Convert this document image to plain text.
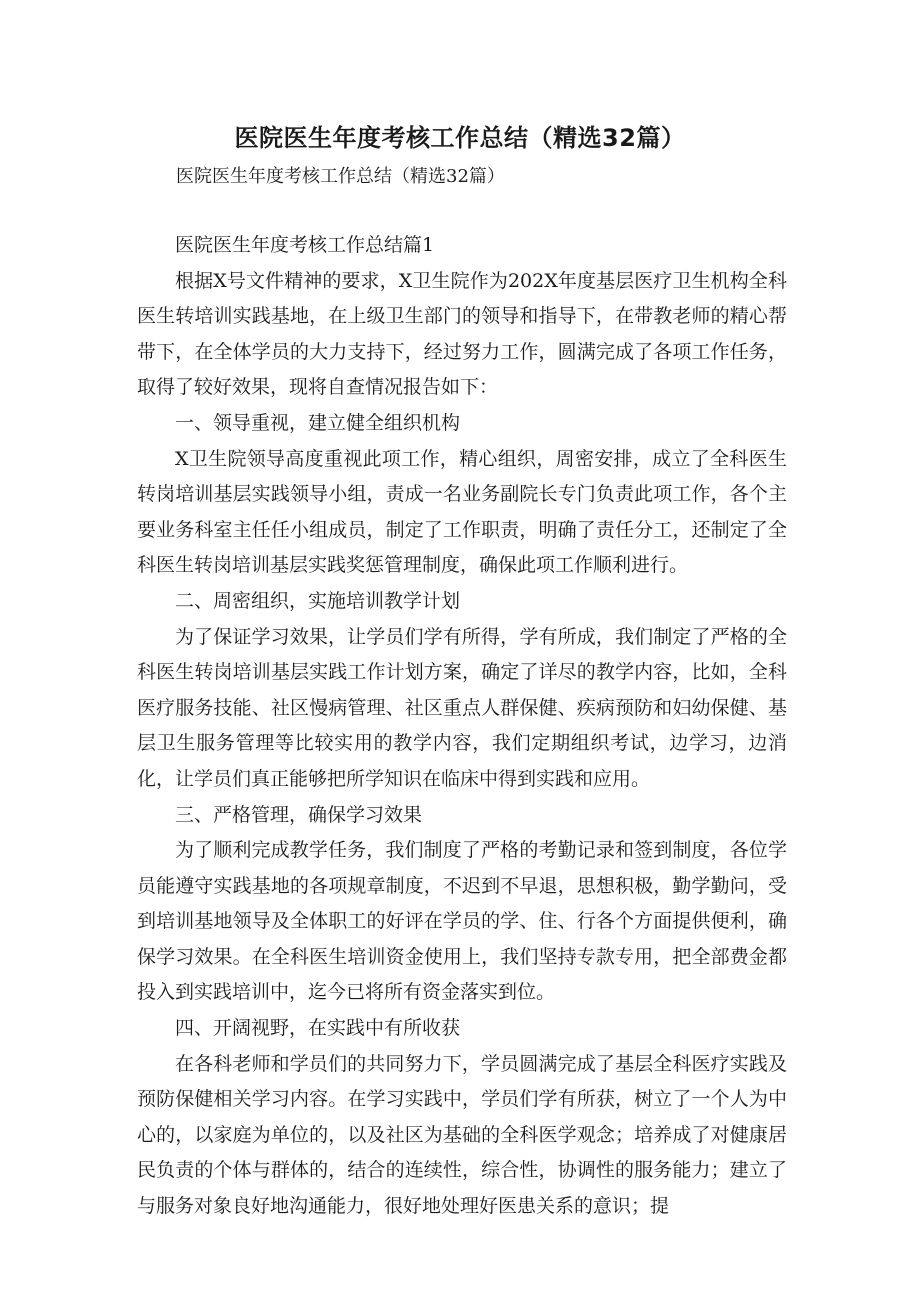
医院医生年度考核工作总结（精选32篇）
医院医生年度考核工作总结（精选32篇）

医院医生年度考核工作总结篇1

根据X号文件精神的要求，X卫生院作为202X年度基层医疗卫生机构全科医生转培训实践基地，在上级卫生部门的领导和指导下，在带教老师的精心帮带下，在全体学员的大力支持下，经过努力工作，圆满完成了各项工作任务，取得了较好效果，现将自查情况报告如下：

一、领导重视，建立健全组织机构

X卫生院领导高度重视此项工作，精心组织，周密安排，成立了全科医生转岗培训基层实践领导小组，责成一名业务副院长专门负责此项工作，各个主要业务科室主任任小组成员，制定了工作职责，明确了责任分工，还制定了全科医生转岗培训基层实践奖惩管理制度，确保此项工作顺利进行。

二、周密组织，实施培训教学计划

为了保证学习效果，让学员们学有所得，学有所成，我们制定了严格的全科医生转岗培训基层实践工作计划方案，确定了详尽的教学内容，比如，全科医疗服务技能、社区慢病管理、社区重点人群保健、疾病预防和妇幼保健、基层卫生服务管理等比较实用的教学内容，我们定期组织考试，边学习，边消化，让学员们真正能够把所学知识在临床中得到实践和应用。

三、严格管理，确保学习效果

为了顺利完成教学任务，我们制度了严格的考勤记录和签到制度，各位学员能遵守实践基地的各项规章制度，不迟到不早退，思想积极，勤学勤问，受到培训基地领导及全体职工的好评在学员的学、住、行各个方面提供便利，确保学习效果。在全科医生培训资金使用上，我们坚持专款专用，把全部费金都投入到实践培训中，迄今已将所有资金落实到位。

四、开阔视野，在实践中有所收获

在各科老师和学员们的共同努力下，学员圆满完成了基层全科医疗实践及预防保健相关学习内容。在学习实践中，学员们学有所获，树立了一个人为中心的，以家庭为单位的，以及社区为基础的全科医学观念；培养成了对健康居民负责的个体与群体的，结合的连续性，综合性，协调性的服务能力；建立了与服务对象良好地沟通能力，很好地处理好医患关系的意识；提
